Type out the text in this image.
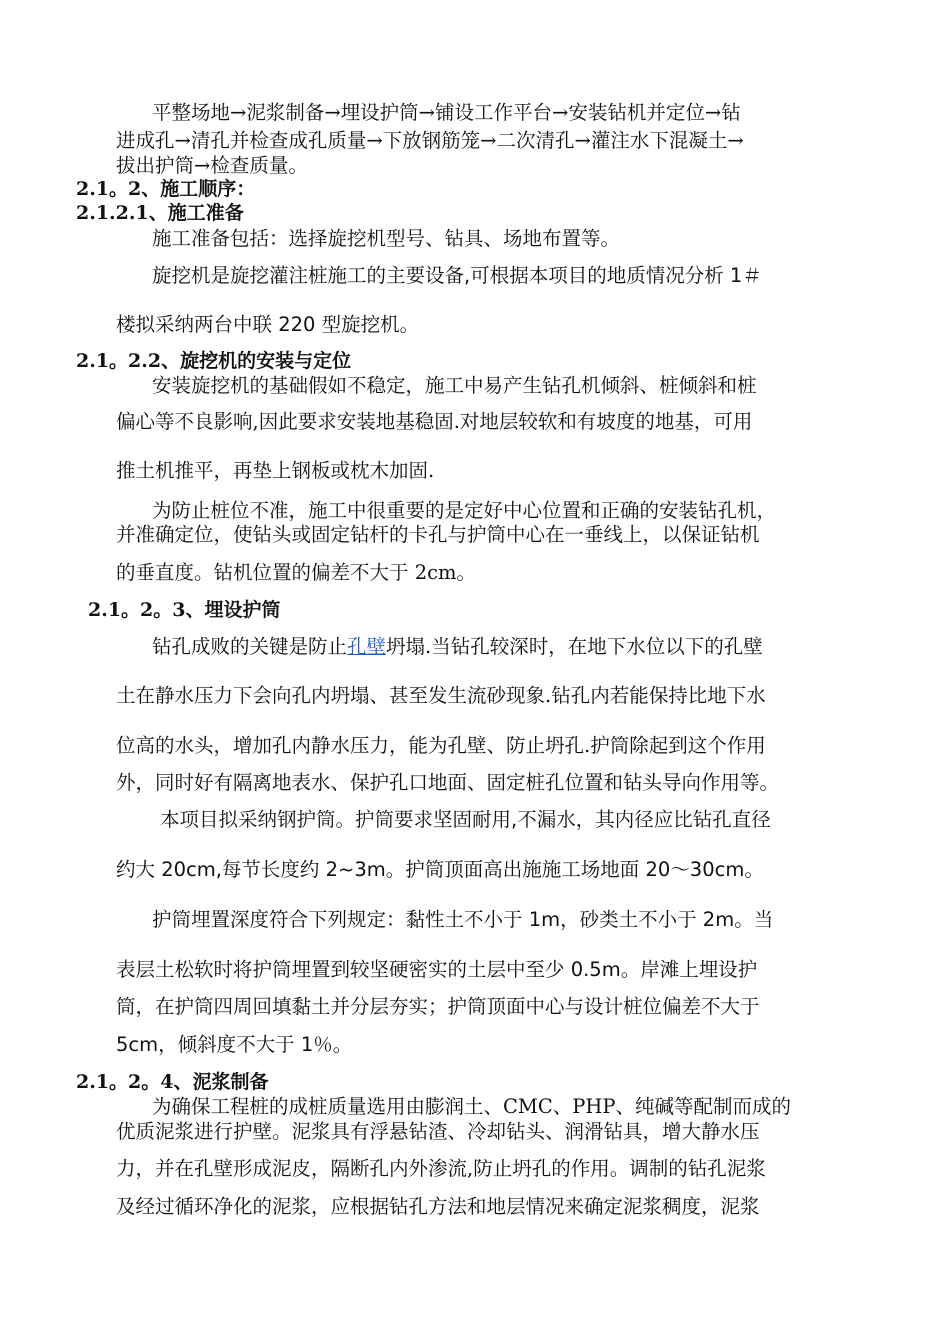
平整场地→泥浆制备→埋设护筒→铺设工作平台→安装钻机并定位→钻
进成孔→清孔并检查成孔质量→下放钢筋笼→二次清孔→灌注水下混凝土→
拔出护筒→检查质量。
2.1。2、施工顺序：
2.1.2.1、施工准备
施工准备包括：选择旋挖机型号、钻具、场地布置等。
旋挖机是旋挖灌注桩施工的主要设备,可根据本项目的地质情况分析 1＃
楼拟采纳两台中联 220 型旋挖机。
2.1。2.2、旋挖机的安装与定位
安装旋挖机的基础假如不稳定，施工中易产生钻孔机倾斜、桩倾斜和桩
偏心等不良影响,因此要求安装地基稳固.对地层较软和有坡度的地基，可用
推土机推平，再垫上钢板或枕木加固.
为防止桩位不准，施工中很重要的是定好中心位置和正确的安装钻孔机，
并准确定位，使钻头或固定钻杆的卡孔与护筒中心在一垂线上，以保证钻机
的垂直度。钻机位置的偏差不大于 2cm。
2.1。2。3、埋设护筒
钻孔成败的关键是防止孔壁坍塌.当钻孔较深时，在地下水位以下的孔壁
土在静水压力下会向孔内坍塌、甚至发生流砂现象.钻孔内若能保持比地下水
位高的水头，增加孔内静水压力，能为孔壁、防止坍孔.护筒除起到这个作用
外，同时好有隔离地表水、保护孔口地面、固定桩孔位置和钻头导向作用等。
本项目拟采纳钢护筒。护筒要求坚固耐用,不漏水，其内径应比钻孔直径
约大 20cm,每节长度约 2~3m。护筒顶面高出施施工场地面 20～30cm。
护筒埋置深度符合下列规定：黏性土不小于 1m，砂类土不小于 2m。当
表层土松软时将护筒埋置到较坚硬密实的土层中至少 0.5m。岸滩上埋设护
筒，在护筒四周回填黏土并分层夯实；护筒顶面中心与设计桩位偏差不大于
5cm，倾斜度不大于 1％。
2.1。2。4、泥浆制备
为确保工程桩的成桩质量选用由膨润土、CMC、PHP、纯碱等配制而成的
优质泥浆进行护壁。泥浆具有浮悬钻渣、冷却钻头、润滑钻具，增大静水压
力，并在孔壁形成泥皮，隔断孔内外渗流,防止坍孔的作用。调制的钻孔泥浆
及经过循环净化的泥浆，应根据钻孔方法和地层情况来确定泥浆稠度，泥浆
